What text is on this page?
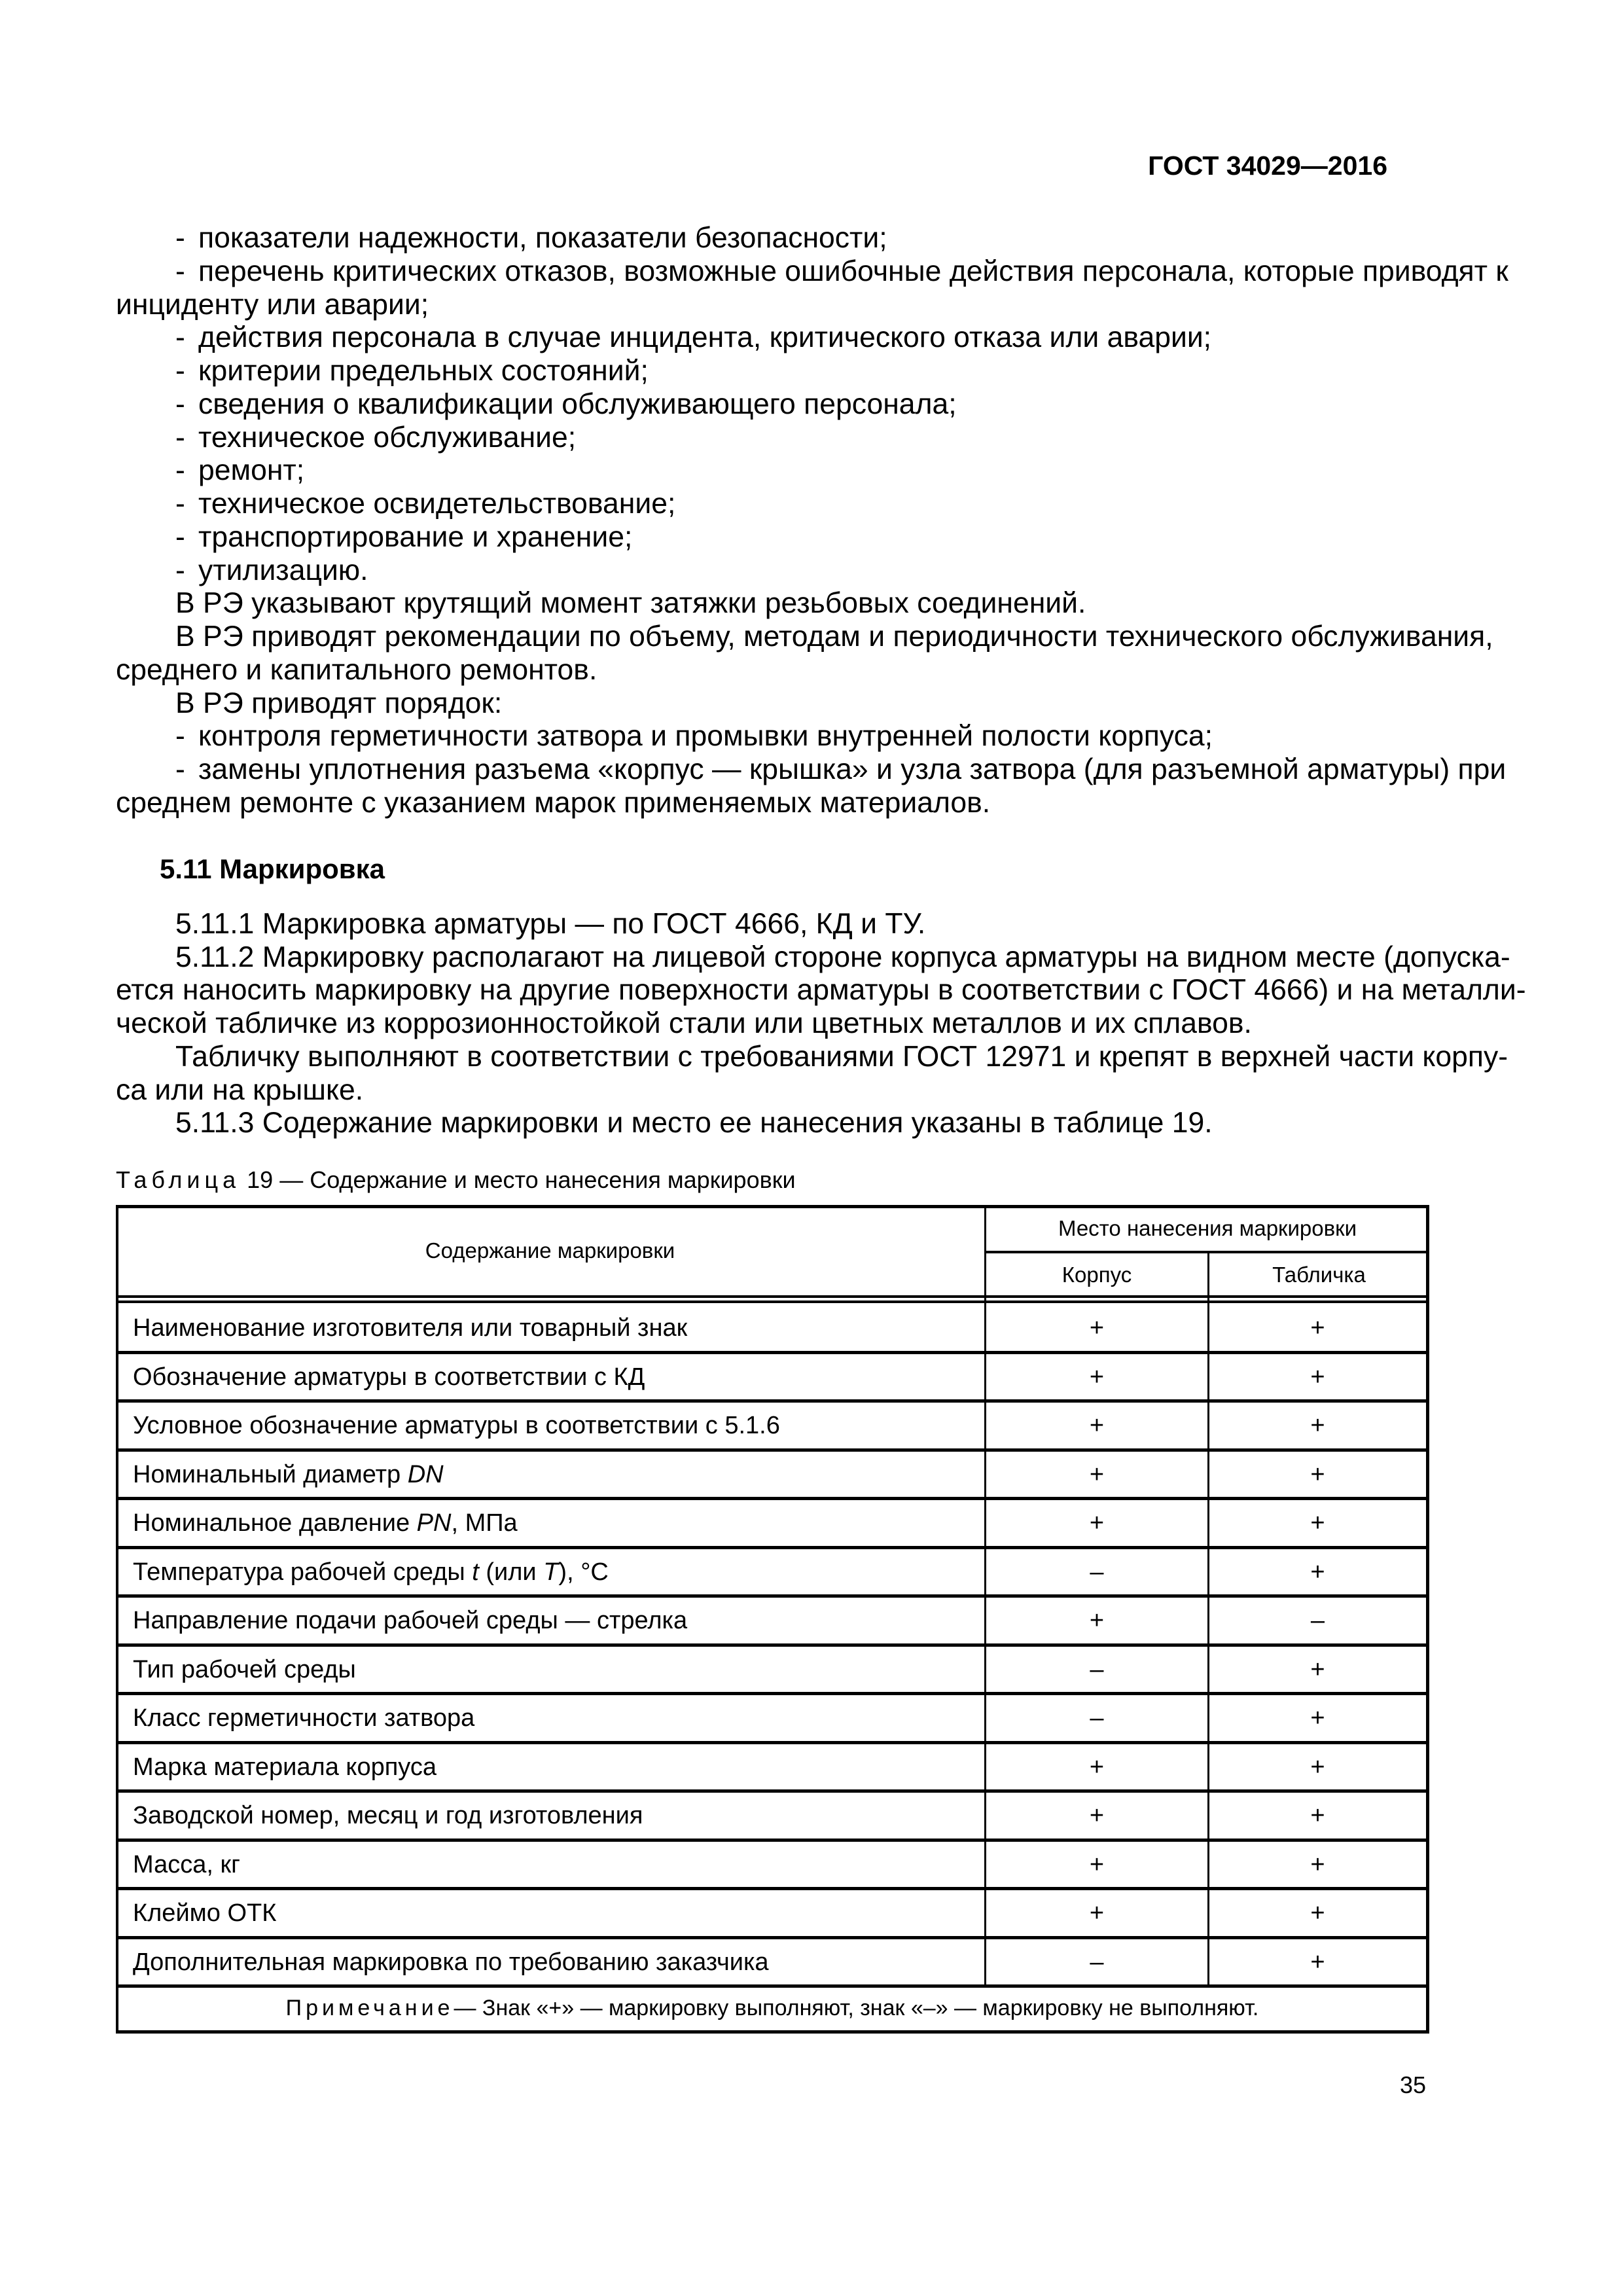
ГОСТ 34029—2016
- показатели надежности, показатели безопасности;
- перечень критических отказов, возможные ошибочные действия персонала, которые приводят к
инциденту или аварии;
- действия персонала в случае инцидента, критического отказа или аварии;
- критерии предельных состояний;
- сведения о квалификации обслуживающего персонала;
- техническое обслуживание;
- ремонт;
- техническое освидетельствование;
- транспортирование и хранение;
- утилизацию.
В РЭ указывают крутящий момент затяжки резьбовых соединений.
В РЭ приводят рекомендации по объему, методам и периодичности технического обслуживания,
среднего и капитального ремонтов.
В РЭ приводят порядок:
- контроля герметичности затвора и промывки внутренней полости корпуса;
- замены уплотнения разъема «корпус — крышка» и узла затвора (для разъемной арматуры) при
среднем ремонте с указанием марок применяемых материалов.
5.11 Маркировка
5.11.1 Маркировка арматуры — по ГОСТ 4666, КД и ТУ.
5.11.2 Маркировку располагают на лицевой стороне корпуса арматуры на видном месте (допуска-
ется наносить маркировку на другие поверхности арматуры в соответствии с ГОСТ 4666) и на металли-
ческой табличке из коррозионностойкой стали или цветных металлов и их сплавов.
Табличку выполняют в соответствии с требованиями ГОСТ 12971 и крепят в верхней части корпу-
са или на крышке.
5.11.3 Содержание маркировки и место ее нанесения указаны в таблице 19.
Таблица 19 — Содержание и место нанесения маркировки
Содержание маркировки
Место нанесения маркировки
Корпус	Табличка
Наименование изготовителя или товарный знак	+	+
Обозначение арматуры в соответствии с КД	+	+
Условное обозначение арматуры в соответствии с 5.1.6	+	+
Номинальный диаметр DN	+	+
Номинальное давление PN , МПа	+	+
Температура рабочей среды t (или T ), °С	–	+
Направление подачи рабочей среды — стрелка	+	–
Тип рабочей среды	–	+
Класс герметичности затвора	–	+
Марка материала корпуса	+	+
Заводской номер, месяц и год изготовления	+	+
Масса, кг	+	+
Клеймо ОТК	+	+
Дополнительная маркировка по требованию заказчика	–	+
Примечание — Знак «+» — маркировку выполняют, знак «–» — маркировку не выполняют.
35
